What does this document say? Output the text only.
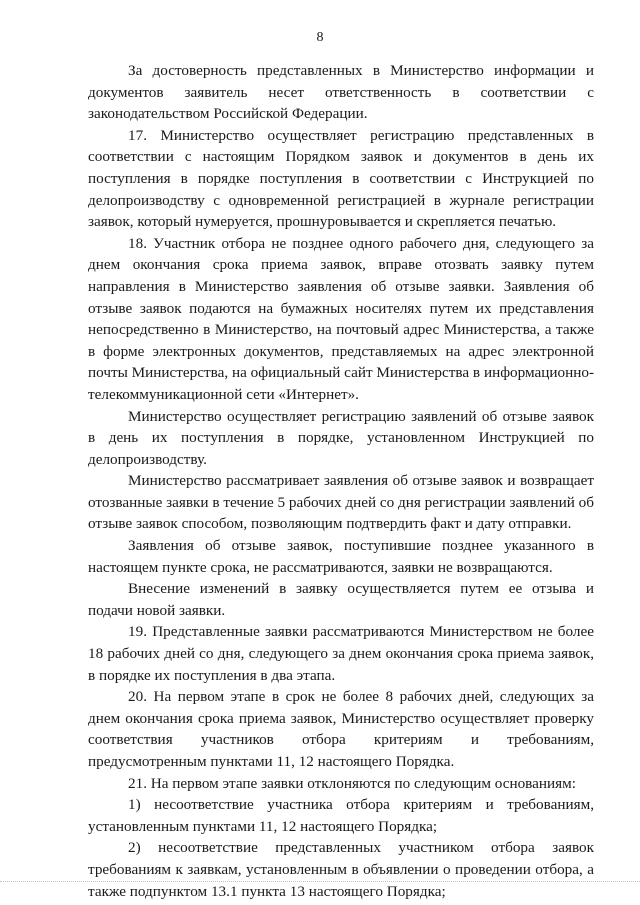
8

За достоверность представленных в Министерство информации и документов заявитель несет ответственность в соответствии с законодательством Российской Федерации.

17. Министерство осуществляет регистрацию представленных в соответствии с настоящим Порядком заявок и документов в день их поступления в порядке поступления в соответствии с Инструкцией по делопроизводству с одновременной регистрацией в журнале регистрации заявок, который нумеруется, прошнуровывается и скрепляется печатью.

18. Участник отбора не позднее одного рабочего дня, следующего за днем окончания срока приема заявок, вправе отозвать заявку путем направления в Министерство заявления об отзыве заявки. Заявления об отзыве заявок подаются на бумажных носителях путем их представления непосредственно в Министерство, на почтовый адрес Министерства, а также в форме электронных документов, представляемых на адрес электронной почты Министерства, на официальный сайт Министерства в информационно-телекоммуникационной сети «Интернет».

Министерство осуществляет регистрацию заявлений об отзыве заявок в день их поступления в порядке, установленном Инструкцией по делопроизводству.

Министерство рассматривает заявления об отзыве заявок и возвращает отозванные заявки в течение 5 рабочих дней со дня регистрации заявлений об отзыве заявок способом, позволяющим подтвердить факт и дату отправки.

Заявления об отзыве заявок, поступившие позднее указанного в настоящем пункте срока, не рассматриваются, заявки не возвращаются.

Внесение изменений в заявку осуществляется путем ее отзыва и подачи новой заявки.

19. Представленные заявки рассматриваются Министерством не более 18 рабочих дней со дня, следующего за днем окончания срока приема заявок, в порядке их поступления в два этапа.

20. На первом этапе в срок не более 8 рабочих дней, следующих за днем окончания срока приема заявок, Министерство осуществляет проверку соответствия участников отбора критериям и требованиям, предусмотренным пунктами 11, 12 настоящего Порядка.

21. На первом этапе заявки отклоняются по следующим основаниям:

1) несоответствие участника отбора критериям и требованиям, установленным пунктами 11, 12 настоящего Порядка;

2) несоответствие представленных участником отбора заявок требованиям к заявкам, установленным в объявлении о проведении отбора, а также подпунктом 13.1 пункта 13 настоящего Порядка;
